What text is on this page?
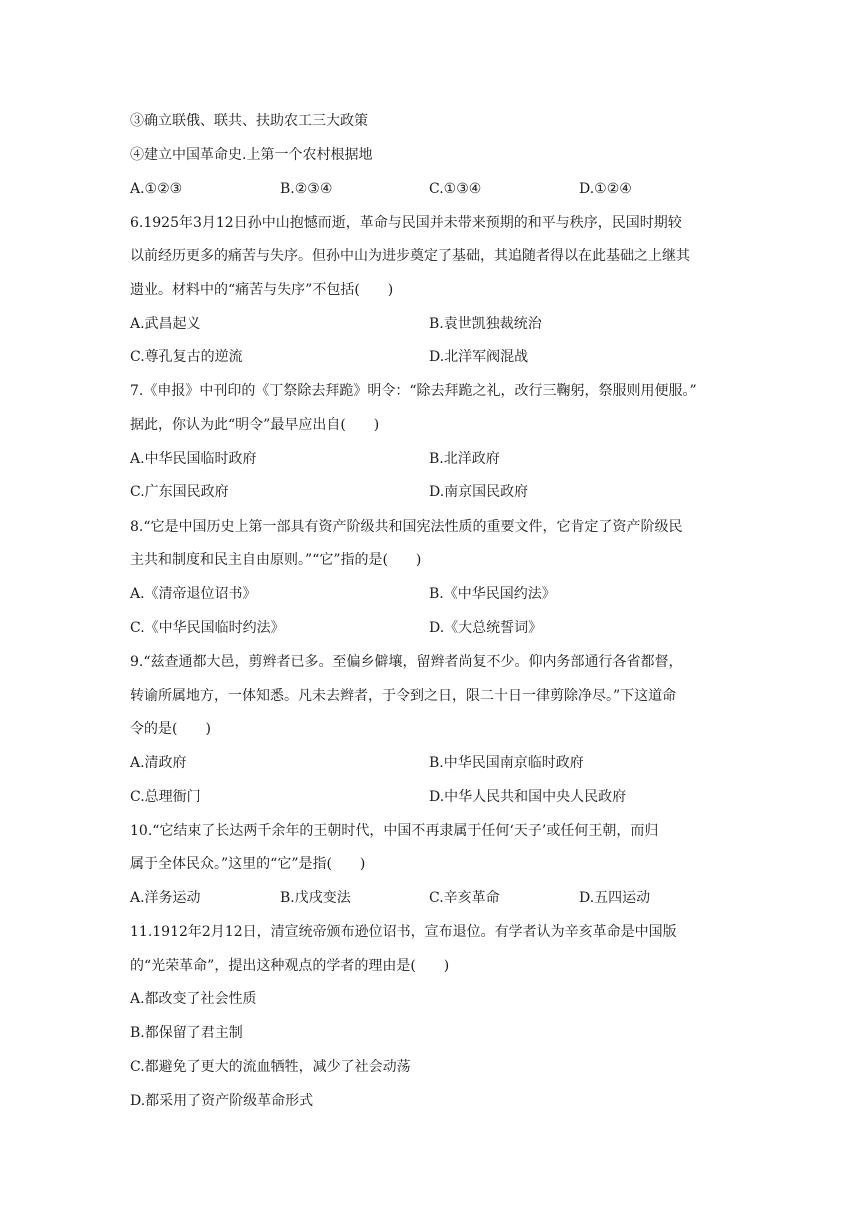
③确立联俄、联共、扶助农工三大政策
④建立中国革命史.上第一个农村根据地
A.①②③	B.②③④	C.①③④	D.①②④
6.1925年3月12日孙中山抱憾而逝，革命与民国并未带来预期的和平与秩序，民国时期较
以前经历更多的痛苦与失序。但孙中山为进步奠定了基础，其追随者得以在此基础之上继其
遗业。材料中的“痛苦与失序”不包括(　　)
A.武昌起义	B.袁世凯独裁统治
C.尊孔复古的逆流	D.北洋军阀混战
7.《申报》中刊印的《丁祭除去拜跪》明令：“除去拜跪之礼，改行三鞠躬，祭服则用便服。”
据此，你认为此“明令”最早应出自(　　)
A.中华民国临时政府	B.北洋政府
C.广东国民政府	D.南京国民政府
8.“它是中国历史上第一部具有资产阶级共和国宪法性质的重要文件，它肯定了资产阶级民
主共和制度和民主自由原则。”“它”指的是(　　)
A.《清帝退位诏书》	B.《中华民国约法》
C.《中华民国临时约法》	D.《大总统誓词》
9.“兹查通都大邑，剪辫者已多。至偏乡僻壤，留辫者尚复不少。仰内务部通行各省都督，
转谕所属地方，一体知悉。凡未去辫者，于令到之日，限二十日一律剪除净尽。”下这道命
令的是(　　)
A.清政府	B.中华民国南京临时政府
C.总理衙门	D.中华人民共和国中央人民政府
10.“它结束了长达两千余年的王朝时代，中国不再隶属于任何‘天子’或任何王朝，而归
属于全体民众。”这里的“它”是指(　　)
A.洋务运动	B.戊戌变法	C.辛亥革命	D.五四运动
11.1912年2月12日，清宣统帝颁布逊位诏书，宣布退位。有学者认为辛亥革命是中国版
的“光荣革命”，提出这种观点的学者的理由是(　　)
A.都改变了社会性质
B.都保留了君主制
C.都避免了更大的流血牺牲，减少了社会动荡
D.都采用了资产阶级革命形式
